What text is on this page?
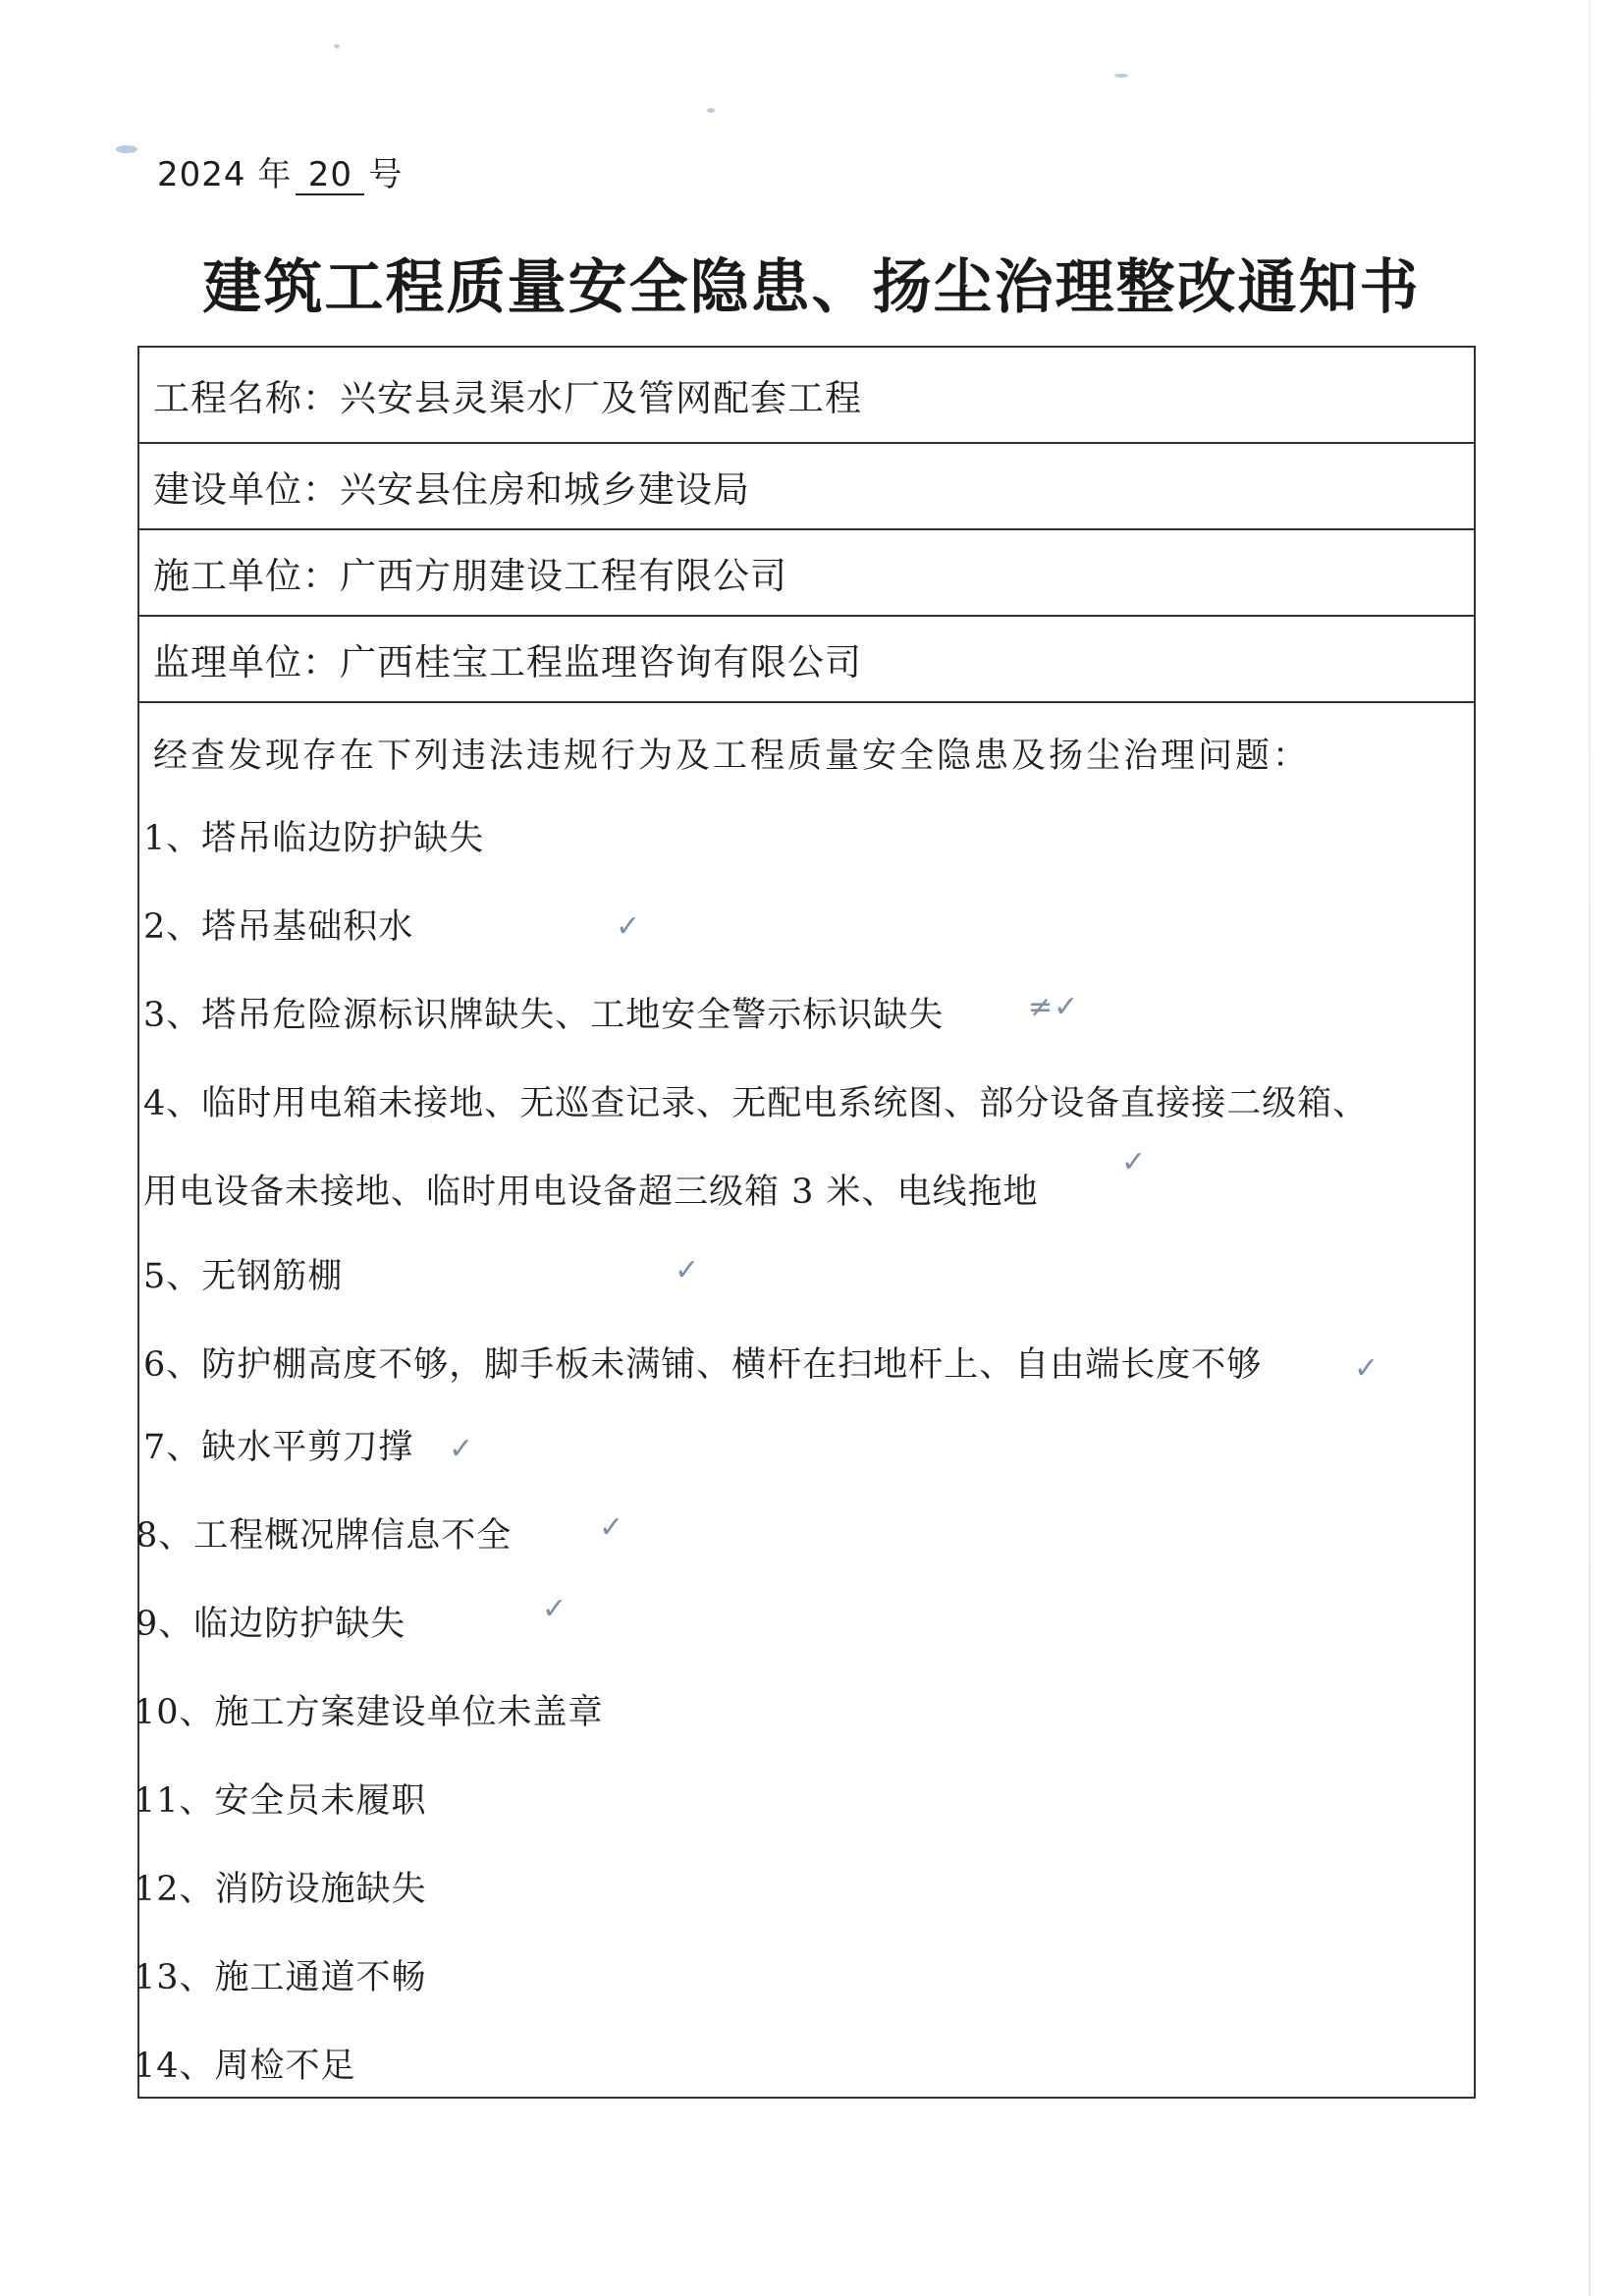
2024 年 20 号
建筑工程质量安全隐患、扬尘治理整改通知书
工程名称：兴安县灵渠水厂及管网配套工程
建设单位：兴安县住房和城乡建设局
施工单位：广西方朋建设工程有限公司
监理单位：广西桂宝工程监理咨询有限公司
经查发现存在下列违法违规行为及工程质量安全隐患及扬尘治理问题：
1、塔吊临边防护缺失
2、塔吊基础积水
3、塔吊危险源标识牌缺失、工地安全警示标识缺失
4、临时用电箱未接地、无巡查记录、无配电系统图、部分设备直接接二级箱、
用电设备未接地、临时用电设备超三级箱 3 米、电线拖地
5、无钢筋棚
6、防护棚高度不够，脚手板未满铺、横杆在扫地杆上、自由端长度不够
7、缺水平剪刀撑
8、工程概况牌信息不全
9、临边防护缺失
10、施工方案建设单位未盖章
11、安全员未履职
12、消防设施缺失
13、施工通道不畅
14、周检不足
✓
≠✓
✓
✓
✓
✓
✓
✓
